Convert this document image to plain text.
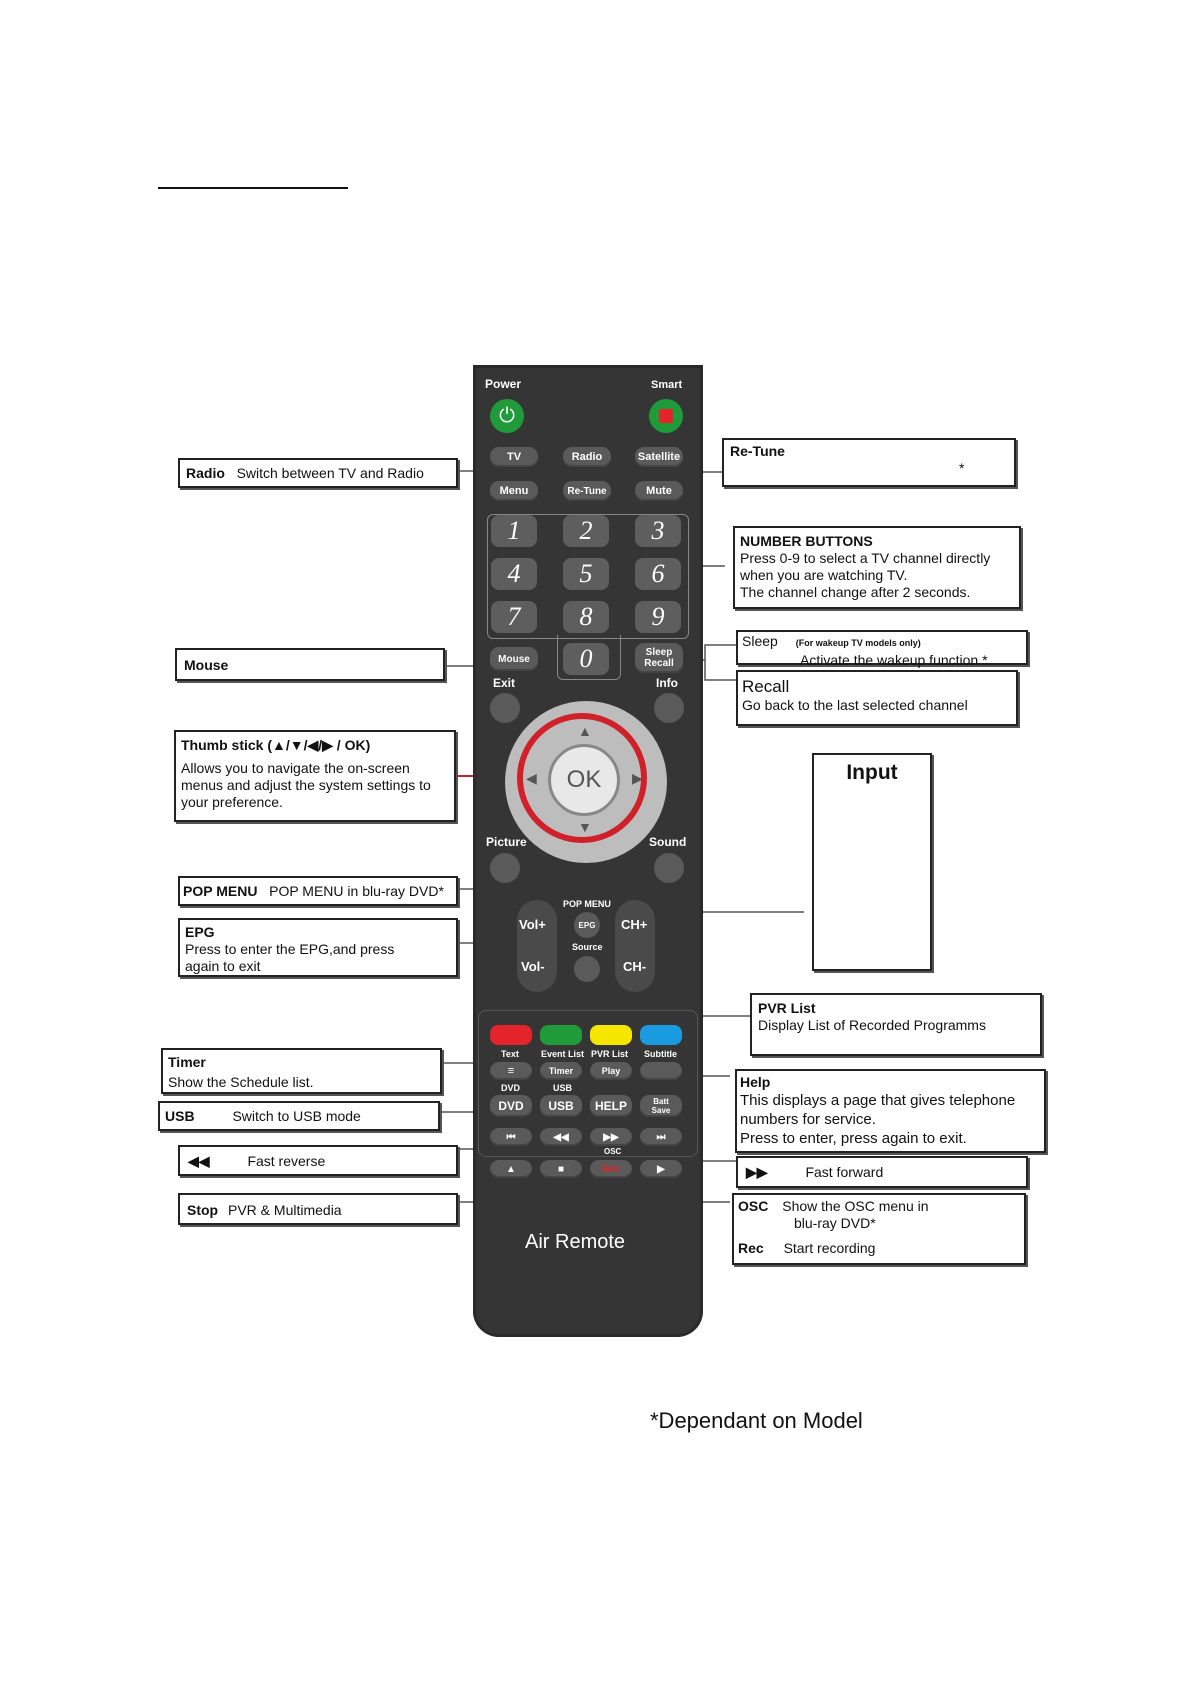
Power	Smart
⏻
TV	Radio	Satellite
Menu	Re-Tune	Mute
1	2	3
4	5	6
7	8	9
0
Mouse
Sleep
Recall
Exit	Info
OK
▲
▼
◀	▶
Picture	Sound
POP MENU
Vol+
Vol-
CH+
CH-
EPG
Source
Text Event List PVR List Subtitle
≡	Timer	Play
DVD	USB
DVD	USB	HELP	Batt
Save
⏮	◀◀	▶▶	⏭
OSC
▲	■	Rec	▶
Air Remote
Radio Switch between TV and Radio
Re-Tune
*
NUMBER BUTTONS
Press 0-9 to select a TV channel directly
when you are watching TV.
The channel change after 2 seconds.
Sleep (For wakeup TV models only)
Activate the wakeup function *
Mouse
Recall
Go back to the last selected channel
Thumb stick (▲/▼/◀/▶ / OK)
Allows you to navigate the on-screen
menus and adjust the system settings to
your preference.
Input
POP MENU POP MENU in blu-ray DVD*
EPG
Press to enter the EPG,and press
again to exit
PVR List
Display List of Recorded Programms
Timer
Show the Schedule list.	Help
This displays a page that gives telephone
numbers for service.
Press to enter, press again to exit.
USB	Switch to USB mode
◀◀	Fast reverse
▶▶	Fast forward
Stop PVR & Multimedia	OSC Show the OSC menu in
blu-ray DVD*
Rec Start recording
*Dependant on Model
